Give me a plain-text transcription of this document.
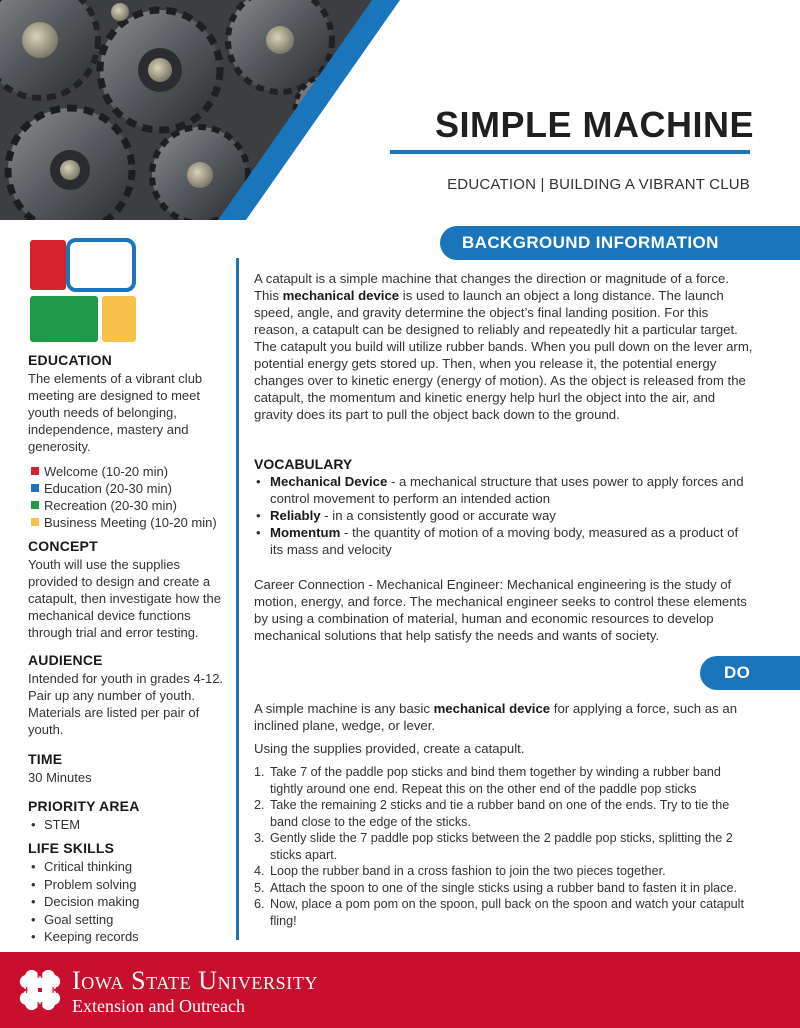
SIMPLE MACHINE
EDUCATION | BUILDING A VIBRANT CLUB
BACKGROUND INFORMATION
DO
EDUCATION

The elements of a vibrant club meeting are designed to meet youth needs of belonging, independence, mastery and generosity.

Welcome (10-20 min)
Education (20-30 min)
Recreation (20-30 min)
Business Meeting (10-20 min)
CONCEPT

Youth will use the supplies provided to design and create a catapult, then investigate how the mechanical device functions through trial and error testing.

AUDIENCE

Intended for youth in grades 4-12. Pair up any number of youth. Materials are listed per pair of youth.

TIME

30 Minutes

PRIORITY AREA
• STEM
LIFE SKILLS
• Critical thinking
• Problem solving
• Decision making
• Goal setting
• Keeping records

A catapult is a simple machine that changes the direction or magnitude of a force. This mechanical device is used to launch an object a long distance. The launch speed, angle, and gravity determine the object’s final landing position. For this reason, a catapult can be designed to reliably and repeatedly hit a particular target. The catapult you build will utilize rubber bands. When you pull down on the lever arm, potential energy gets stored up. Then, when you release it, the potential energy changes over to kinetic energy (energy of motion). As the object is released from the catapult, the momentum and kinetic energy help hurl the object into the air, and gravity does its part to pull the object back down to the ground.

VOCABULARY
• Mechanical Device - a mechanical structure that uses power to apply forces and control movement to perform an intended action
• Reliably - in a consistently good or accurate way
• Momentum - the quantity of motion of a moving body, measured as a product of its mass and velocity

Career Connection - Mechanical Engineer: Mechanical engineering is the study of motion, energy, and force. The mechanical engineer seeks to control these elements by using a combination of material, human and economic resources to develop mechanical solutions that help satisfy the needs and wants of society.

A simple machine is any basic mechanical device for applying a force, such as an inclined plane, wedge, or lever.

Using the supplies provided, create a catapult.

1. Take 7 of the paddle pop sticks and bind them together by winding a rubber band tightly around one end. Repeat this on the other end of the paddle pop sticks
2. Take the remaining 2 sticks and tie a rubber band on one of the ends. Try to tie the band close to the edge of the sticks.
3. Gently slide the 7 paddle pop sticks between the 2 paddle pop sticks, splitting the 2 sticks apart.
4. Loop the rubber band in a cross fashion to join the two pieces together.
5. Attach the spoon to one of the single sticks using a rubber band to fasten it in place.
6. Now, place a pom pom on the spoon, pull back on the spoon and watch your catapult fling!
H
H
H
H Iowa State University
Extension and Outreach
